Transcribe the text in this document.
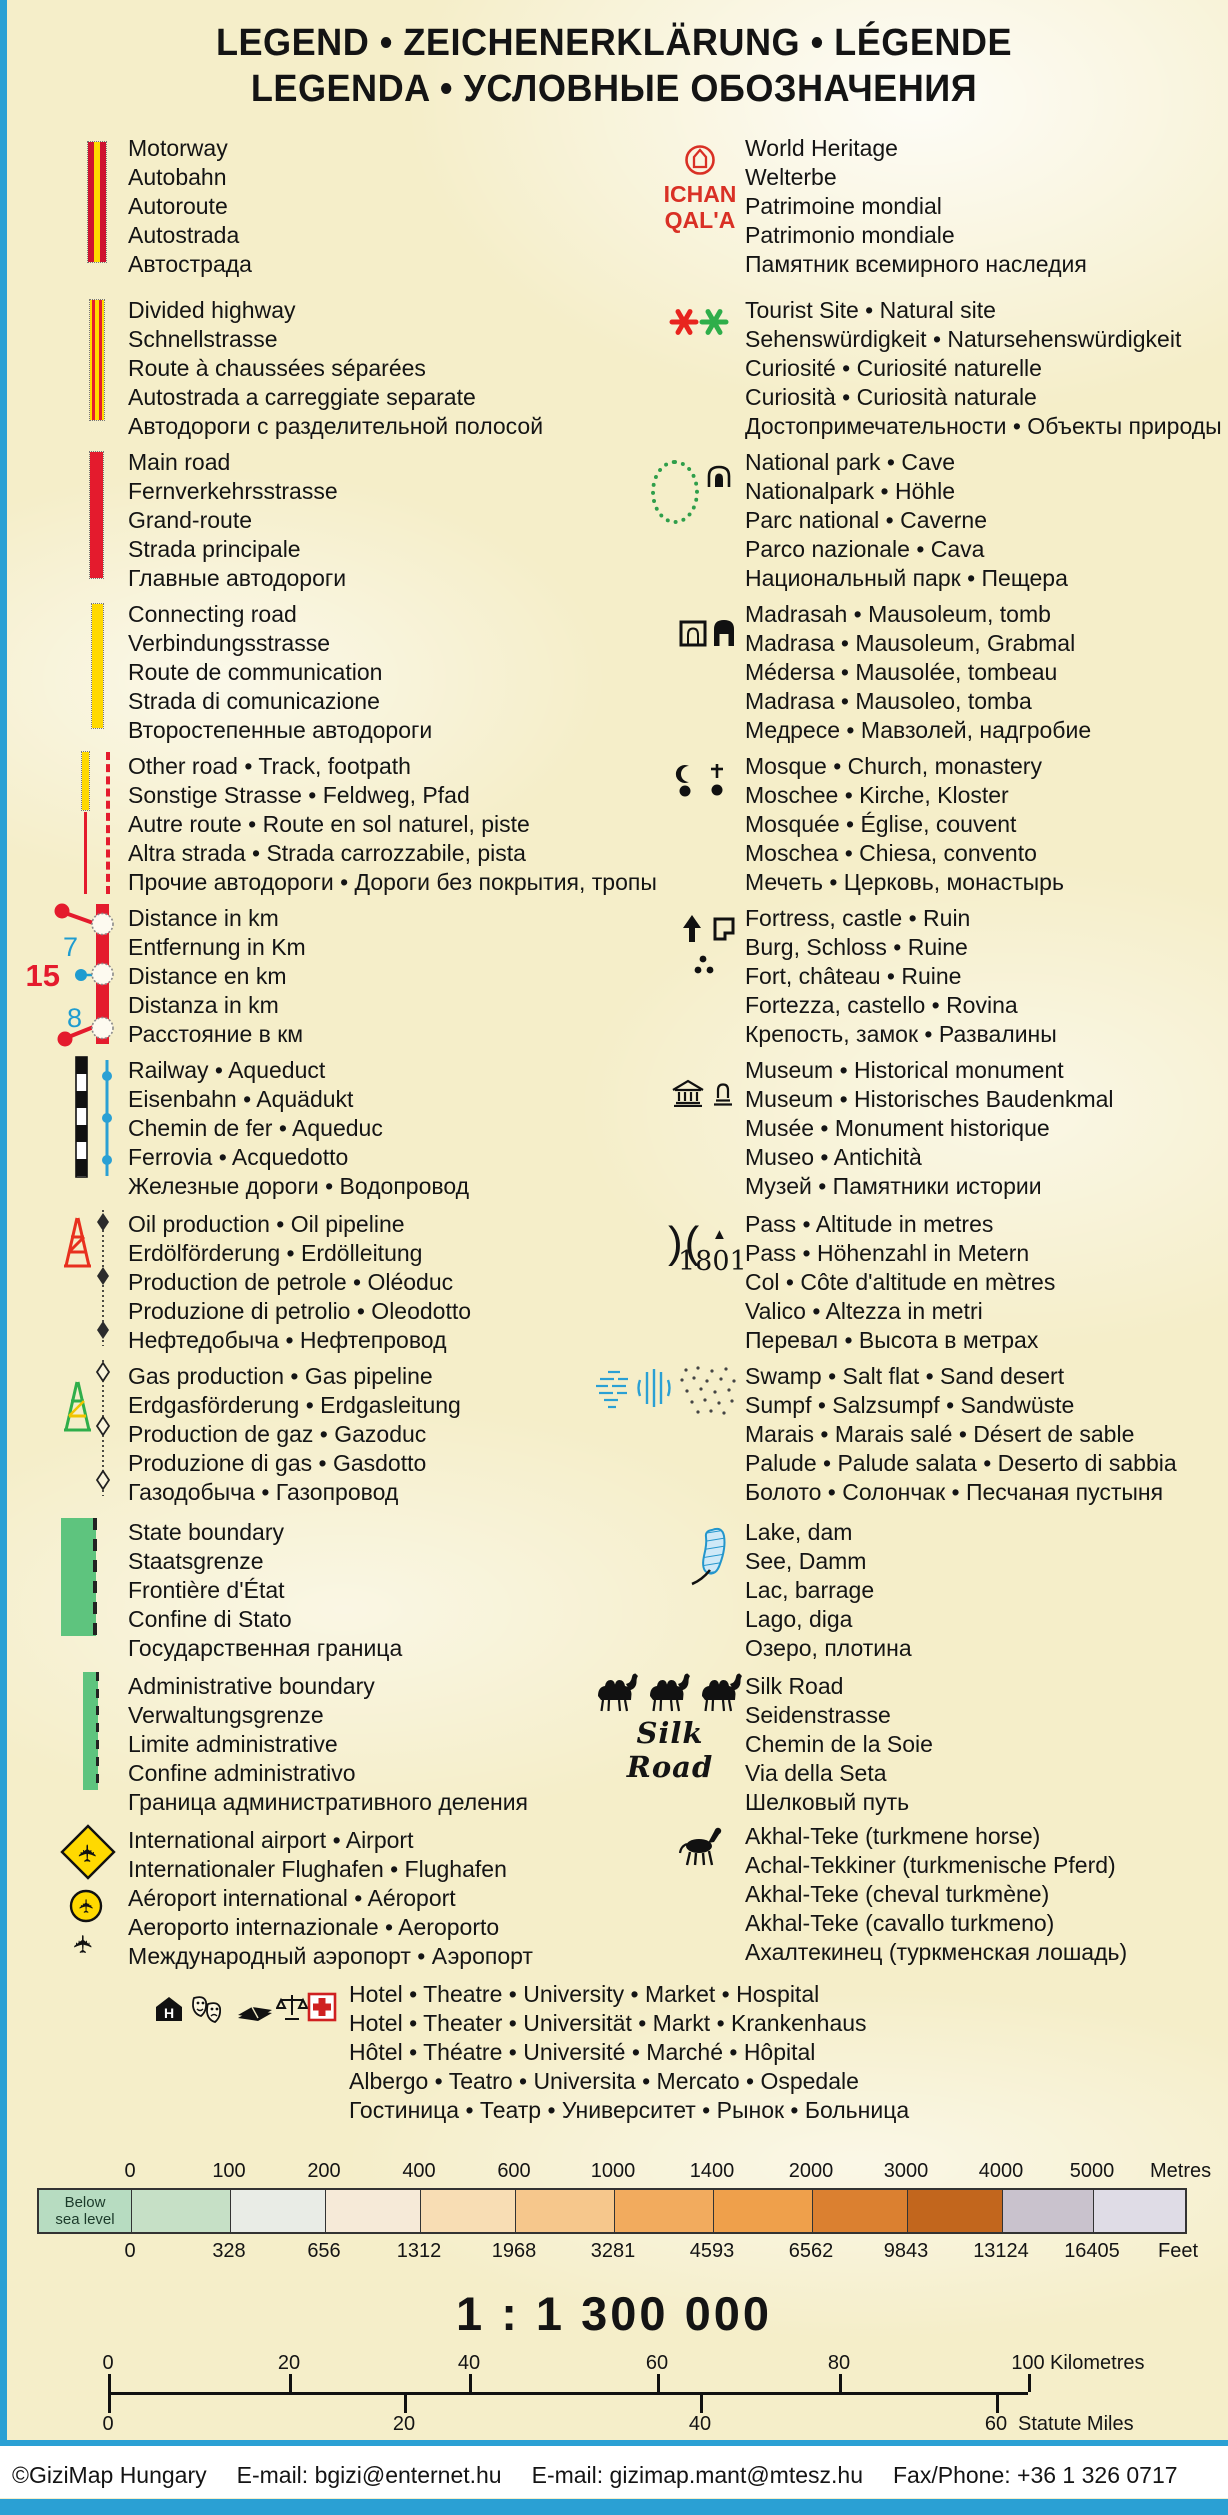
LEGEND • ZEICHENERKLÄRUNG • LÉGENDE
LEGENDA • УСЛОВНЫЕ ОБОЗНАЧЕНИЯ
7
15
8
✈
✈
✈
ICHAN
QAL'A
)( ▲
1801
Silk Road
H
Motorway
Autobahn
Autoroute
Autostrada
Автострада
Divided highway
Schnellstrasse
Route à chaussées séparées
Autostrada a carreggiate separate
Автодороги с разделительной полосой
Main road
Fernverkehrsstrasse
Grand-route
Strada principale
Главные автодороги
Connecting road
Verbindungsstrasse
Route de communication
Strada di comunicazione
Второстепенные автодороги
Other road • Track, footpath
Sonstige Strasse • Feldweg, Pfad
Autre route • Route en sol naturel, piste
Altra strada • Strada carrozzabile, pista
Прочие автодороги • Дороги без покрытия, тропы
Distance in km
Entfernung in Km
Distance en km
Distanza in km
Расстояние в км
Railway • Aqueduct
Eisenbahn • Aquädukt
Chemin de fer • Aqueduc
Ferrovia • Acquedotto
Железные дороги • Водопровод
Oil production • Oil pipeline
Erdölförderung • Erdölleitung
Production de petrole • Oléoduc
Produzione di petrolio • Oleodotto
Нефтедобыча • Нефтепровод
Gas production • Gas pipeline
Erdgasförderung • Erdgasleitung
Production de gaz • Gazoduc
Produzione di gas • Gasdotto
Газодобыча • Газопровод
State boundary
Staatsgrenze
Frontière d'État
Confine di Stato
Государственная граница
Administrative boundary
Verwaltungsgrenze
Limite administrative
Confine administrativo
Граница административного деления
International airport • Airport
Internationaler Flughafen • Flughafen
Aéroport international • Aéroport
Aeroporto internazionale • Aeroporto
Международный аэропорт • Аэропорт
World Heritage
Welterbe
Patrimoine mondial
Patrimonio mondiale
Памятник всемирного наследия
Tourist Site • Natural site
Sehenswürdigkeit • Natursehenswürdigkeit
Curiosité • Curiosité naturelle
Curiosità • Curiosità naturale
Достопримечательности • Объекты природы
National park • Cave
Nationalpark • Höhle
Parc national • Caverne
Parco nazionale • Cava
Национальный парк • Пещера
Madrasah • Mausoleum, tomb
Madrasa • Mausoleum, Grabmal
Médersa • Mausolée, tombeau
Madrasa • Mausoleo, tomba
Медресе • Мавзолей, надгробие
Mosque • Church, monastery
Moschee • Kirche, Kloster
Mosquée • Église, couvent
Moschea • Chiesa, convento
Мечеть • Церковь, монастырь
Fortress, castle • Ruin
Burg, Schloss • Ruine
Fort, château • Ruine
Fortezza, castello • Rovina
Крепость, замок • Развалины
Museum • Historical monument
Museum • Historisches Baudenkmal
Musée • Monument historique
Museo • Antichità
Музей • Памятники истории
Pass • Altitude in metres
Pass • Höhenzahl in Metern
Col • Côte d'altitude en mètres
Valico • Altezza in metri
Перевал • Высота в метрах
Swamp • Salt flat • Sand desert
Sumpf • Salzsumpf • Sandwüste
Marais • Marais salé • Désert de sable
Palude • Palude salata • Deserto di sabbia
Болото • Солончак • Песчаная пустыня
Lake, dam
See, Damm
Lac, barrage
Lago, diga
Озеро, плотина
Silk Road
Seidenstrasse
Chemin de la Soie
Via della Seta
Шелковый путь
Akhal-Teke (turkmene horse)
Achal-Tekkiner (turkmenische Pferd)
Akhal-Teke (cheval turkmène)
Akhal-Teke (cavallo turkmeno)
Ахалтекинец (туркменская лошадь)
Hotel • Theatre • University • Market • Hospital
Hotel • Theater • Universität • Markt • Krankenhaus
Hôtel • Théatre • Université • Marché • Hôpital
Albergo • Teatro • Universita • Mercato • Ospedale
Гостиница • Театр • Университет • Рынок • Больница
0	100	200	400	600	1000	1400	2000	3000	4000 5000 Metres
Below
sea level
0	328	656	1312	1968	3281	4593	6562	9843 13124 16405 Feet
1 : 1 300 000
0	20	40	60	80	100 Kilometres
0	20	40	60 Statute Miles
©GiziMap Hungary E-mail: bgizi@enternet.hu E-mail: gizimap.mant@mtesz.hu Fax/Phone: +36 1 326 0717
